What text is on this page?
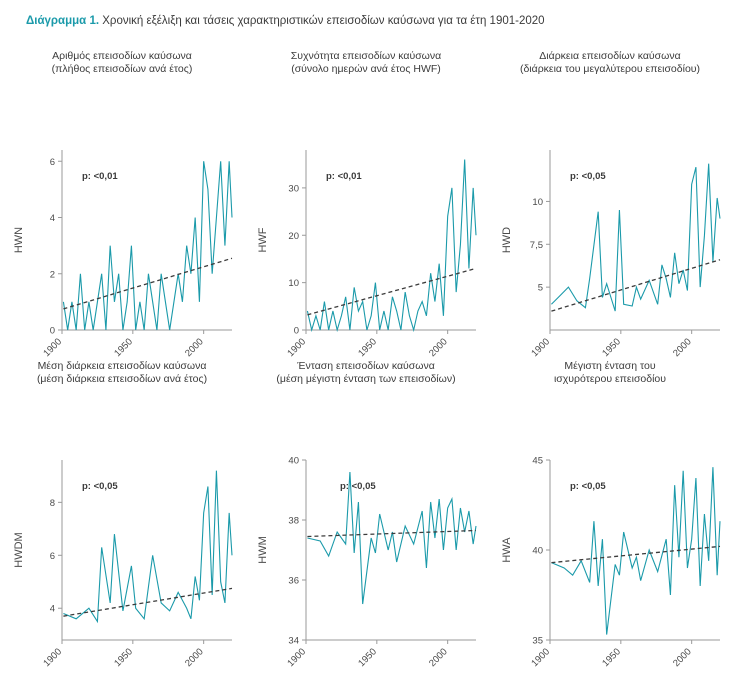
Διάγραμμα 1. Χρονική εξέλιξη και τάσεις χαρακτηριστικών επεισοδίων καύσωνα για τα έτη 1901-2020
Αριθμός επεισοδίων καύσωνα
(πλήθος επεισοδίων ανά έτος)
HWN
p: <0,01
0
2
4
6
1900	1950	2000
Συχνότητα επεισοδίων καύσωνα
(σύνολο ημερών ανά έτος HWF)
HWF
p: <0,01
0
10
20
30
1900	1950	2000
Διάρκεια επεισοδίων καύσωνα
(διάρκεια του μεγαλύτερου επεισοδίου)
HWD
p: <0,05
5
7,5
10
1900	1950	2000
Μέση διάρκεια επεισοδίων καύσωνα
(μέση διάρκεια επεισοδίων ανά έτος)
HWDM
p: <0,05
4
6
8
1900	1950	2000
Ένταση επεισοδίων καύσωνα
(μέση μέγιστη ένταση των επεισοδίων)
HWM
p: <0,05
34
36
38
40
1900	1950	2000
Μέγιστη ένταση του
ισχυρότερου επεισοδίου
HWA
p: <0,05
35
40
45
1900	1950	2000
